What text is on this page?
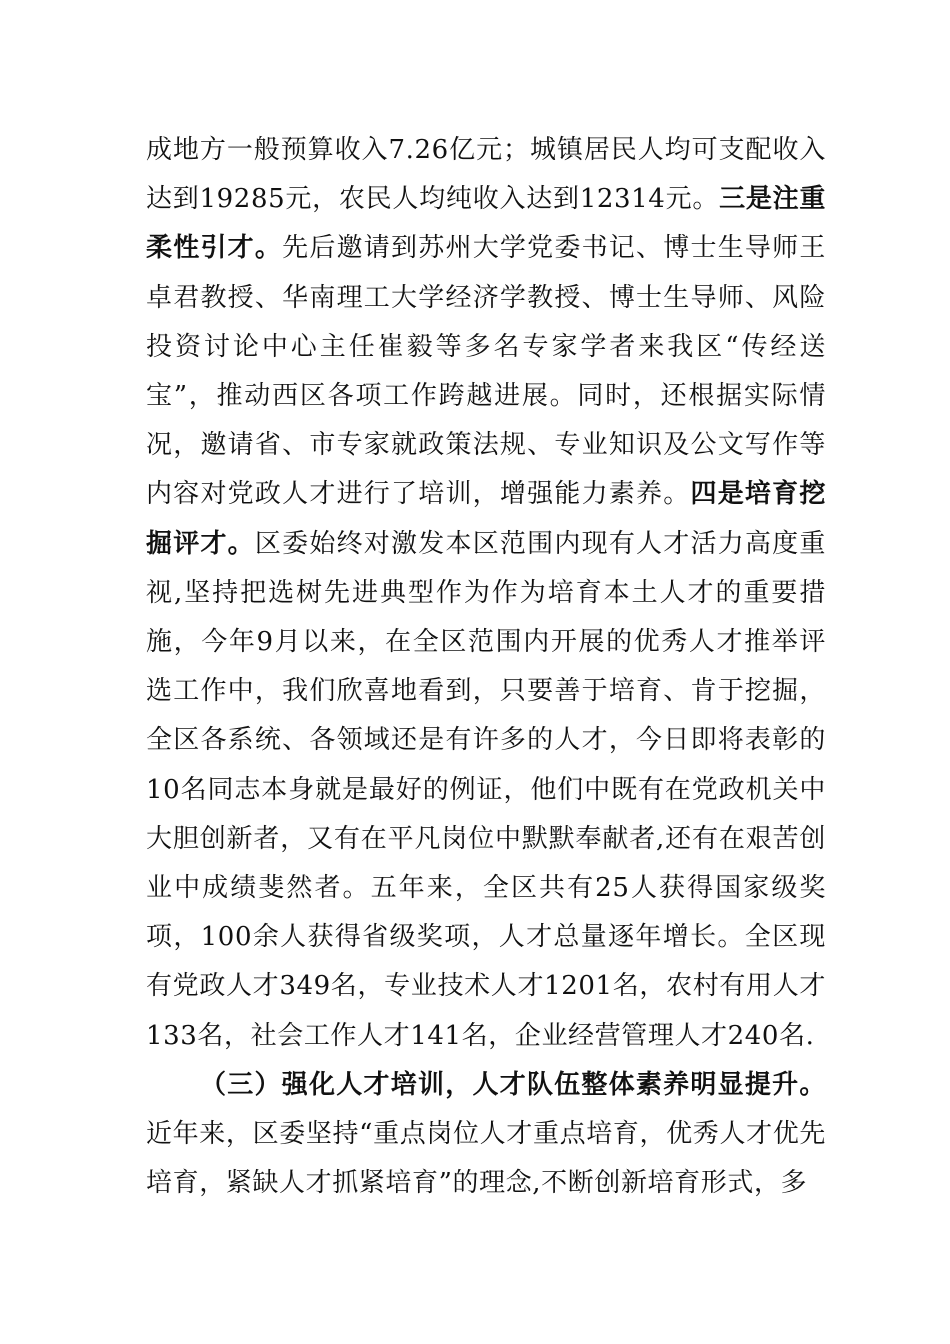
成地方一般预算收入7.26亿元；城镇居民人均可支配收入达到19285元，农民人均纯收入达到12314元。三是注重柔性引才。先后邀请到苏州大学党委书记、博士生导师王卓君教授、华南理工大学经济学教授、博士生导师、风险投资讨论中心主任崔毅等多名专家学者来我区“传经送宝”，推动西区各项工作跨越进展。同时，还根据实际情况，邀请省、市专家就政策法规、专业知识及公文写作等内容对党政人才进行了培训，增强能力素养。四是培育挖掘评才。区委始终对激发本区范围内现有人才活力高度重视,坚持把选树先进典型作为作为培育本土人才的重要措施，今年9月以来，在全区范围内开展的优秀人才推举评选工作中，我们欣喜地看到，只要善于培育、肯于挖掘，全区各系统、各领域还是有许多的人才，今日即将表彰的10名同志本身就是最好的例证，他们中既有在党政机关中大胆创新者，又有在平凡岗位中默默奉献者,还有在艰苦创业中成绩斐然者。五年来，全区共有25人获得国家级奖项，100余人获得省级奖项，人才总量逐年增长。全区现有党政人才349名，专业技术人才1201名，农村有用人才133名，社会工作人才141名，企业经营管理人才240名.

（三）强化人才培训，人才队伍整体素养明显提升。近年来，区委坚持“重点岗位人才重点培育，优秀人才优先培育，紧缺人才抓紧培育”的理念,不断创新培育形式，多
